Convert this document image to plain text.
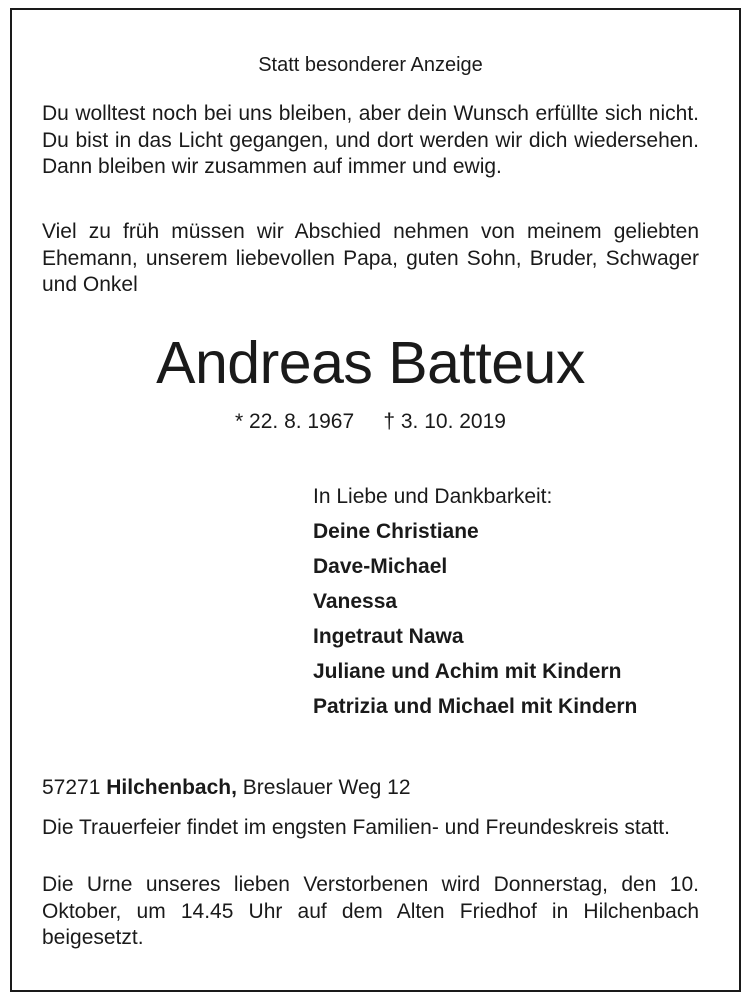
Statt besonderer Anzeige
Du wolltest noch bei uns bleiben, aber dein Wunsch erfüllte sich nicht. Du bist in das Licht gegangen, und dort werden wir dich wiedersehen. Dann bleiben wir zusammen auf immer und ewig.
Viel zu früh müssen wir Abschied nehmen von meinem geliebten Ehemann, unserem liebevollen Papa, guten Sohn, Bruder, Schwager und Onkel
Andreas Batteux
* 22. 8. 1967 † 3. 10. 2019
In Liebe und Dankbarkeit:
Deine Christiane
Dave-Michael
Vanessa
Ingetraut Nawa
Juliane und Achim mit Kindern
Patrizia und Michael mit Kindern
57271 Hilchenbach, Breslauer Weg 12
Die Trauerfeier findet im engsten Familien- und Freundeskreis statt.
Die Urne unseres lieben Verstorbenen wird Donnerstag, den 10. Oktober, um 14.45 Uhr auf dem Alten Friedhof in Hilchenbach beigesetzt.
